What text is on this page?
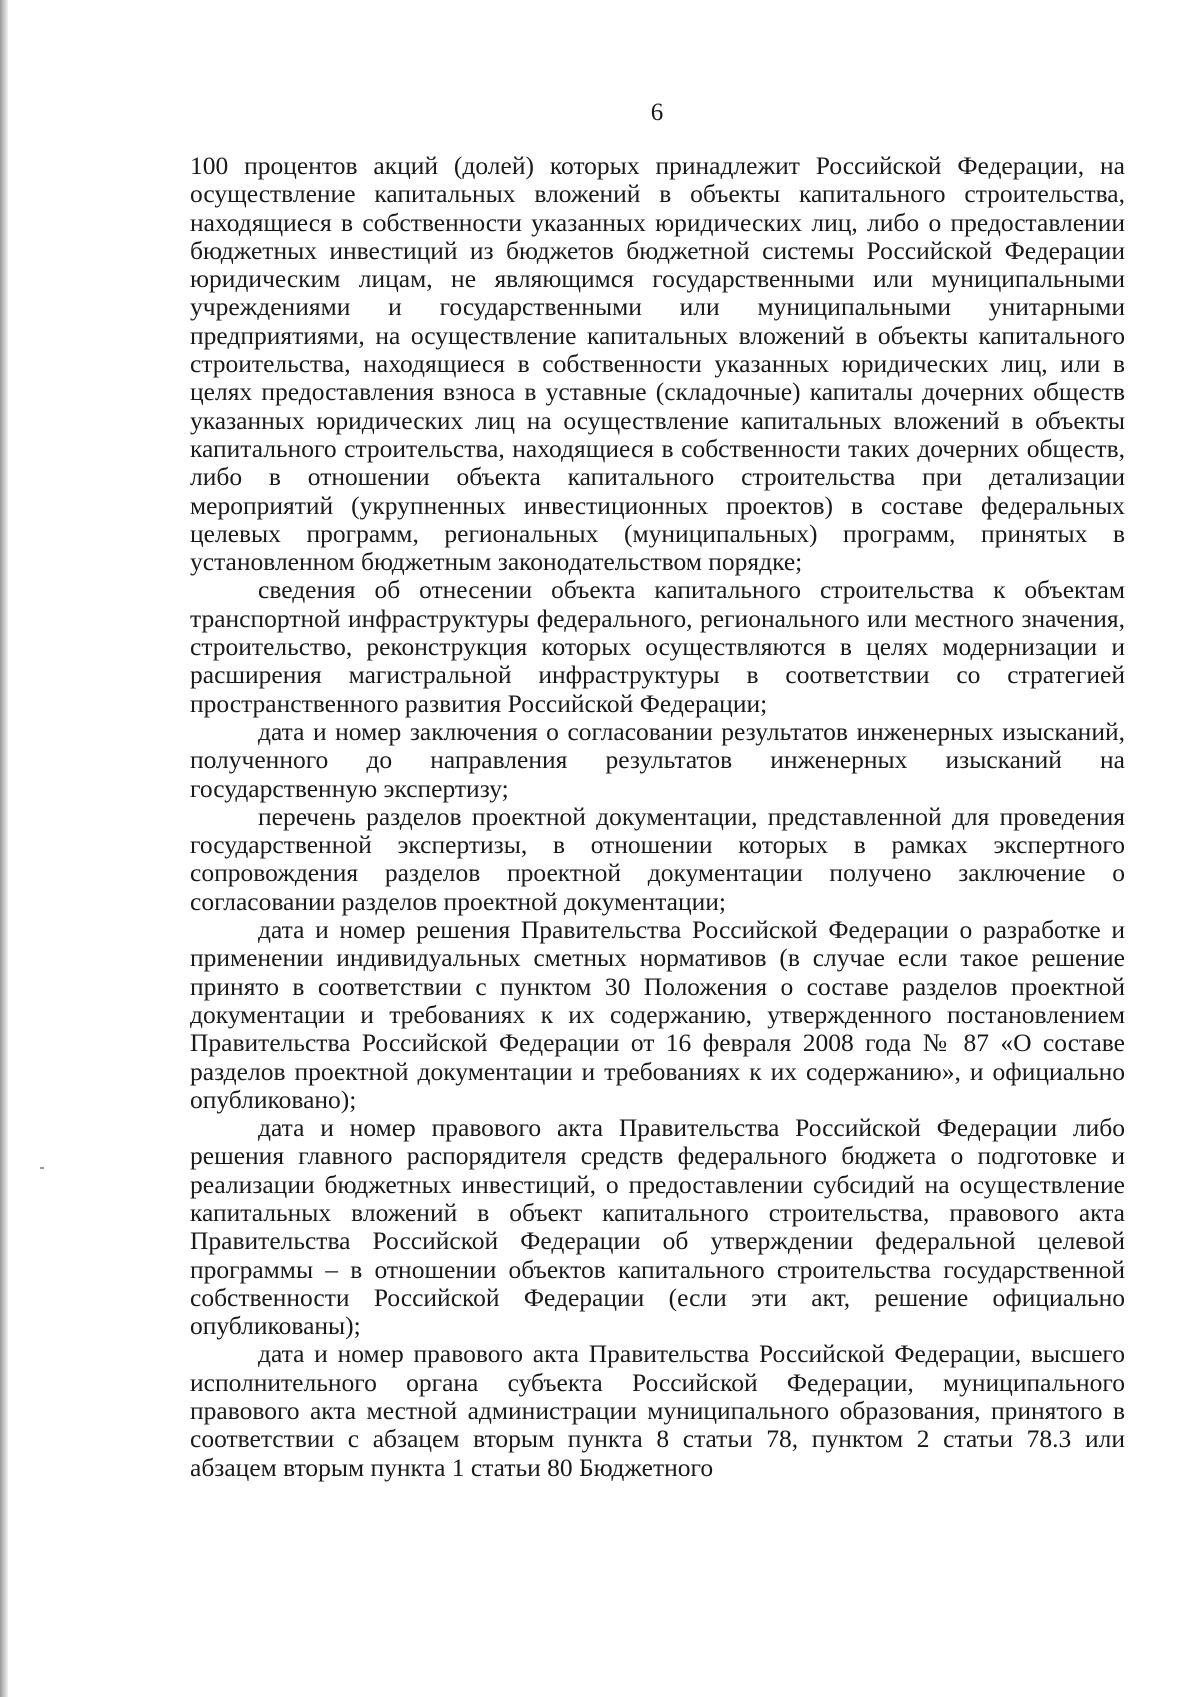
6

100 процентов акций (долей) которых принадлежит Российской Федерации, на осуществление капитальных вложений в объекты капитального строительства, находящиеся в собственности указанных юридических лиц, либо о предоставлении бюджетных инвестиций из бюджетов бюджетной системы Российской Федерации юридическим лицам, не являющимся государственными или муниципальными учреждениями и государственными или муниципальными унитарными предприятиями, на осуществление капитальных вложений в объекты капитального строительства, находящиеся в собственности указанных юридических лиц, или в целях предоставления взноса в уставные (складочные) капиталы дочерних обществ указанных юридических лиц на осуществление капитальных вложений в объекты капитального строительства, находящиеся в собственности таких дочерних обществ, либо в отношении объекта капитального строительства при детализации мероприятий (укрупненных инвестиционных проектов) в составе федеральных целевых программ, региональных (муниципальных) программ, принятых в установленном бюджетным законодательством порядке;

сведения об отнесении объекта капитального строительства к объектам транспортной инфраструктуры федерального, регионального или местного значения, строительство, реконструкция которых осуществляются в целях модернизации и расширения магистральной инфраструктуры в соответствии со стратегией пространственного развития Российской Федерации;

дата и номер заключения о согласовании результатов инженерных изысканий, полученного до направления результатов инженерных изысканий на государственную экспертизу;

перечень разделов проектной документации, представленной для проведения государственной экспертизы, в отношении которых в рамках экспертного сопровождения разделов проектной документации получено заключение о согласовании разделов проектной документации;

дата и номер решения Правительства Российской Федерации о разработке и применении индивидуальных сметных нормативов (в случае если такое решение принято в соответствии с пунктом 30 Положения о составе разделов проектной документации и требованиях к их содержанию, утвержденного постановлением Правительства Российской Федерации от 16 февраля 2008 года № 87 «О составе разделов проектной документации и требованиях к их содержанию», и официально опубликовано);

дата и номер правового акта Правительства Российской Федерации либо решения главного распорядителя средств федерального бюджета о подготовке и реализации бюджетных инвестиций, о предоставлении субсидий на осуществление капитальных вложений в объект капитального строительства, правового акта Правительства Российской Федерации об утверждении федеральной целевой программы – в отношении объектов капитального строительства государственной собственности Российской Федерации (если эти акт, решение официально опубликованы);

дата и номер правового акта Правительства Российской Федерации, высшего исполнительного органа субъекта Российской Федерации, муниципального правового акта местной администрации муниципального образования, принятого в соответствии с абзацем вторым пункта 8 статьи 78, пунктом 2 статьи 78.3 или абзацем вторым пункта 1 статьи 80 Бюджетного
